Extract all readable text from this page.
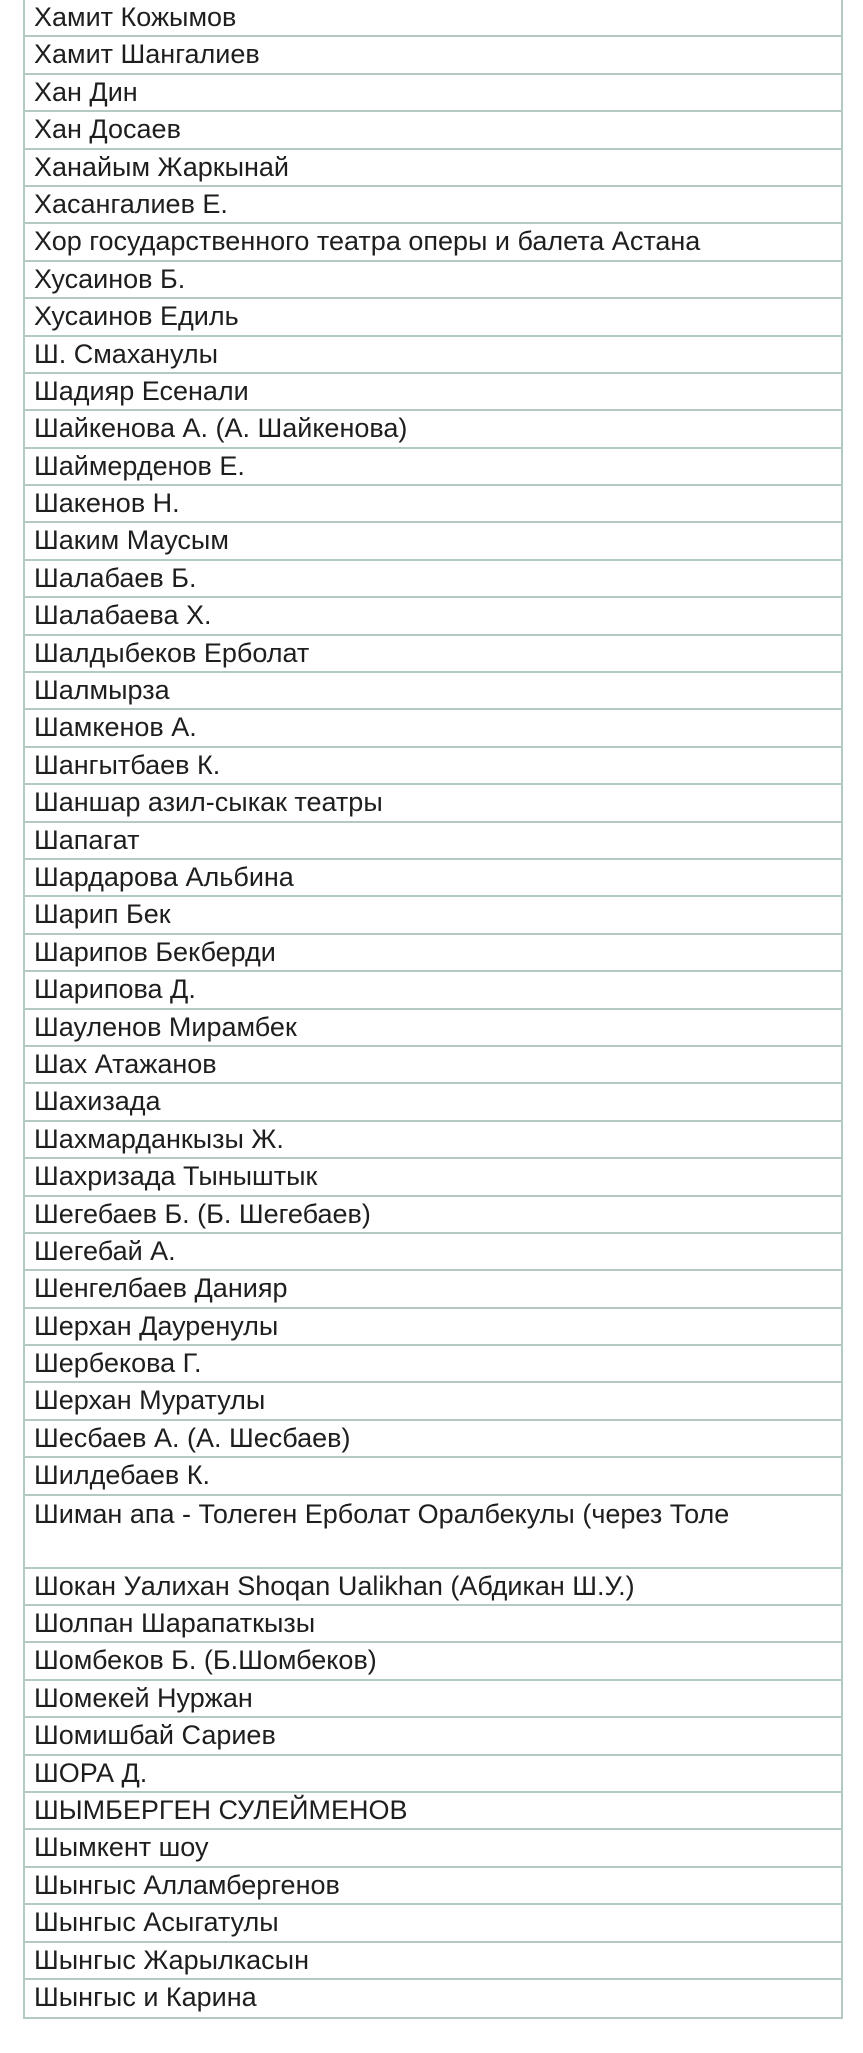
Хамит Кожымов
Хамит Шангалиев
Хан Дин
Хан Досаев
Ханайым Жаркынай
Хасангалиев Е.
Хор государственного театра оперы и балета Астана
Хусаинов Б.
Хусаинов Едиль
Ш. Смаханулы
Шадияр Есенали
Шайкенова А. (А. Шайкенова)
Шаймерденов Е.
Шакенов Н.
Шаким Маусым
Шалабаев Б.
Шалабаева Х.
Шалдыбеков Ерболат
Шалмырза
Шамкенов А.
Шангытбаев К.
Шаншар азил-сыкак театры
Шапагат
Шардарова Альбина
Шарип Бек
Шарипов Бекберди
Шарипова Д.
Шауленов Мирамбек
Шах Атажанов
Шахизада
Шахмарданкызы Ж.
Шахризада Тыныштык
Шегебаев Б. (Б. Шегебаев)
Шегебай А.
Шенгелбаев Данияр
Шерхан Дауренулы
Шербекова Г.
Шерхан Муратулы
Шесбаев А. (А. Шесбаев)
Шилдебаев К.
Шиман апа - Толеген Ерболат Оралбекулы (через Толе
Шокан Уалихан Shoqan Ualikhan (Абдикан Ш.У.)
Шолпан Шарапаткызы
Шомбеков Б. (Б.Шомбеков)
Шомекей Нуржан
Шомишбай Сариев
ШОРА Д.
ШЫМБЕРГЕН СУЛЕЙМЕНОВ
Шымкент шоу
Шынгыс Алламбергенов
Шынгыс Асыгатулы
Шынгыс Жарылкасын
Шынгыс и Карина
